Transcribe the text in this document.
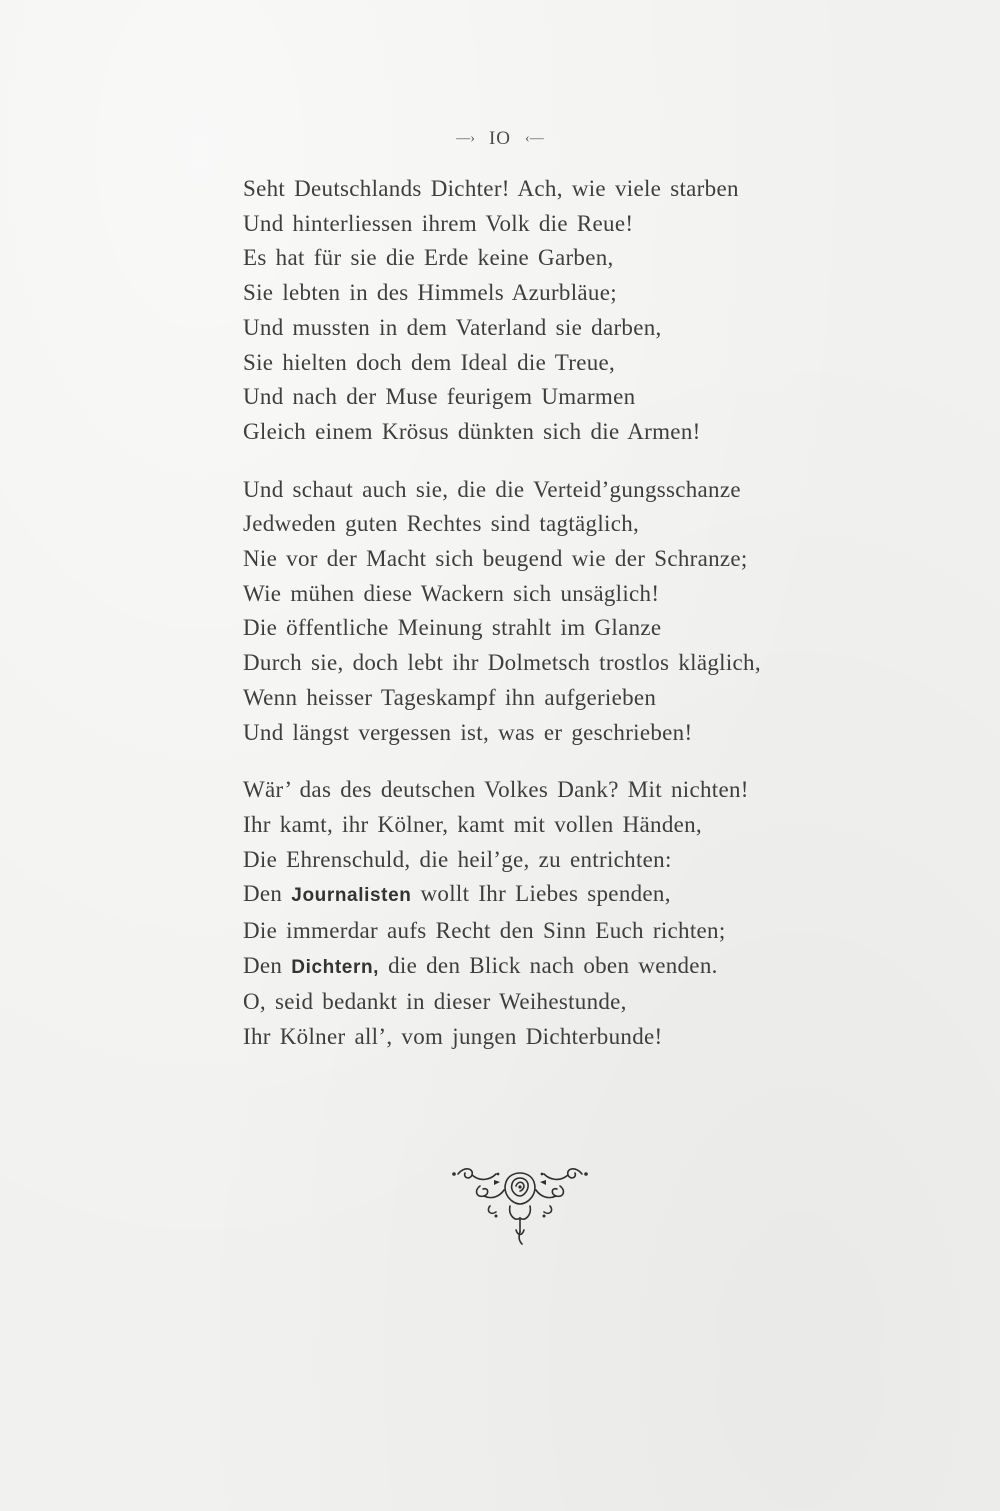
—› IO ‹—
Seht Deutschlands Dichter! Ach, wie viele starben
Und hinterliessen ihrem Volk die Reue!
Es hat für sie die Erde keine Garben,
Sie lebten in des Himmels Azurbläue;
Und mussten in dem Vaterland sie darben,
Sie hielten doch dem Ideal die Treue,
Und nach der Muse feurigem Umarmen
Gleich einem Krösus dünkten sich die Armen!
Und schaut auch sie, die die Verteid’gungsschanze
Jedweden guten Rechtes sind tagtäglich,
Nie vor der Macht sich beugend wie der Schranze;
Wie mühen diese Wackern sich unsäglich!
Die öffentliche Meinung strahlt im Glanze
Durch sie, doch lebt ihr Dolmetsch trostlos kläglich,
Wenn heisser Tageskampf ihn aufgerieben
Und längst vergessen ist, was er geschrieben!
Wär’ das des deutschen Volkes Dank? Mit nichten!
Ihr kamt, ihr Kölner, kamt mit vollen Händen,
Die Ehrenschuld, die heil’ge, zu entrichten:
Den Journalisten wollt Ihr Liebes spenden,
Die immerdar aufs Recht den Sinn Euch richten;
Den Dichtern, die den Blick nach oben wenden.
O, seid bedankt in dieser Weihestunde,
Ihr Kölner all’, vom jungen Dichterbunde!
